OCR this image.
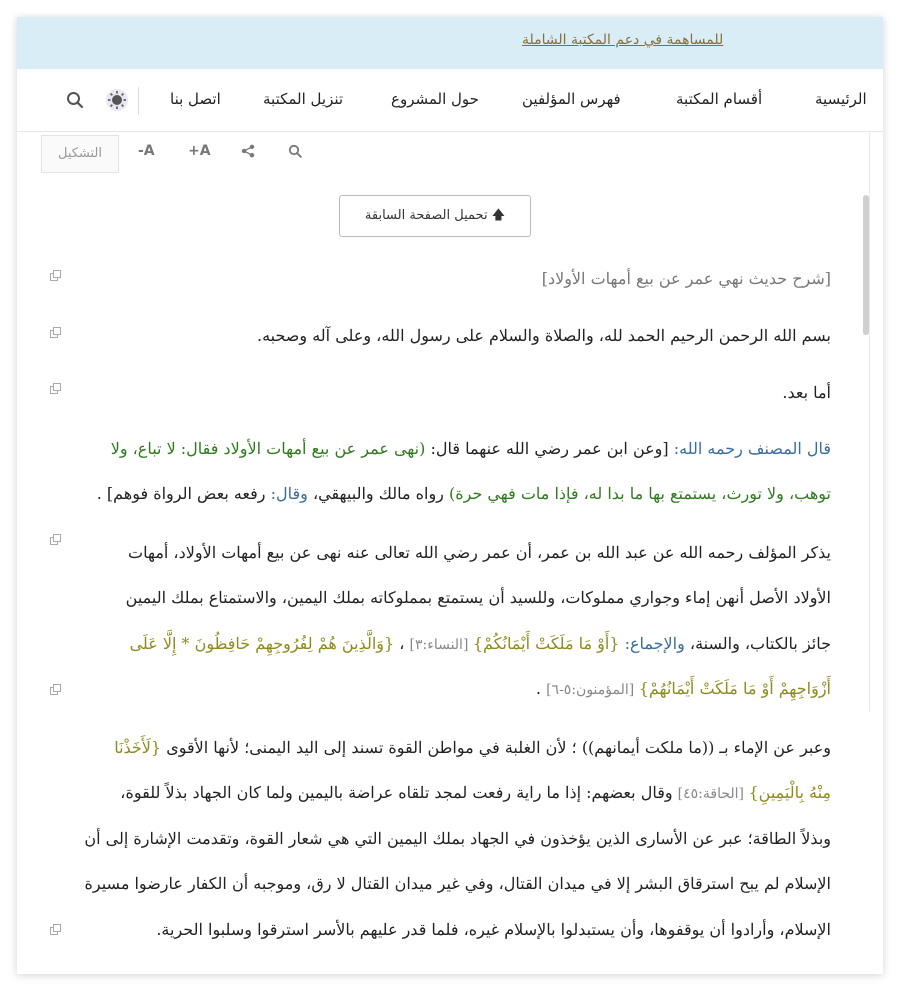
للمساهمة في دعم المكتبة الشاملة
الرئيسية
أقسام المكتبة
فهرس المؤلفين
حول المشروع
تنزيل المكتبة
اتصل بنا
التشكيل	-A +A
تحميل الصفحة السابقة 🡅
[شرح حديث نهي عمر عن بيع أمهات الأولاد]
بسم الله الرحمن الرحيم الحمد لله، والصلاة والسلام على رسول الله، وعلى آله وصحبه.
أما بعد.
قال المصنف رحمه الله: [وعن ابن عمر رضي الله عنهما قال: (نهى عمر عن بيع أمهات الأولاد فقال: لا تباع، ولا
توهب، ولا تورث، يستمتع بها ما بدا له، فإذا مات فهي حرة) رواه مالك والبيهقي، وقال: رفعه بعض الرواة فوهم] .
يذكر المؤلف رحمه الله عن عبد الله بن عمر، أن عمر رضي الله تعالى عنه نهى عن بيع أمهات الأولاد، أمهات
الأولاد الأصل أنهن إماء وجواري مملوكات، وللسيد أن يستمتع بمملوكاته بملك اليمين، والاستمتاع بملك اليمين
جائز بالكتاب، والسنة، والإجماع: {أَوْ مَا مَلَكَتْ أَيْمَانُكُمْ} [النساء:٣] ، {وَالَّذِينَ هُمْ لِفُرُوجِهِمْ حَافِظُونَ * إِلَّا عَلَى
أَزْوَاجِهِمْ أَوْ مَا مَلَكَتْ أَيْمَانُهُمْ} [المؤمنون:٥-٦] .
وعبر عن الإماء بـ ((ما ملكت أيمانهم)) ؛ لأن الغلبة في مواطن القوة تسند إلى اليد اليمنى؛ لأنها الأقوى {لَأَخَذْنَا
مِنْهُ بِالْيَمِينِ} [الحاقة:٤٥] وقال بعضهم: إذا ما راية رفعت لمجد تلقاه عراضة باليمين ولما كان الجهاد بذلاً للقوة،
وبذلاً الطاقة؛ عبر عن الأسارى الذين يؤخذون في الجهاد بملك اليمين التي هي شعار القوة، وتقدمت الإشارة إلى أن
الإسلام لم يبح استرقاق البشر إلا في ميدان القتال، وفي غير ميدان القتال لا رق، وموجبه أن الكفار عارضوا مسيرة
الإسلام، وأرادوا أن يوقفوها، وأن يستبدلوا بالإسلام غيره، فلما قدر عليهم بالأسر استرقوا وسلبوا الحرية.
